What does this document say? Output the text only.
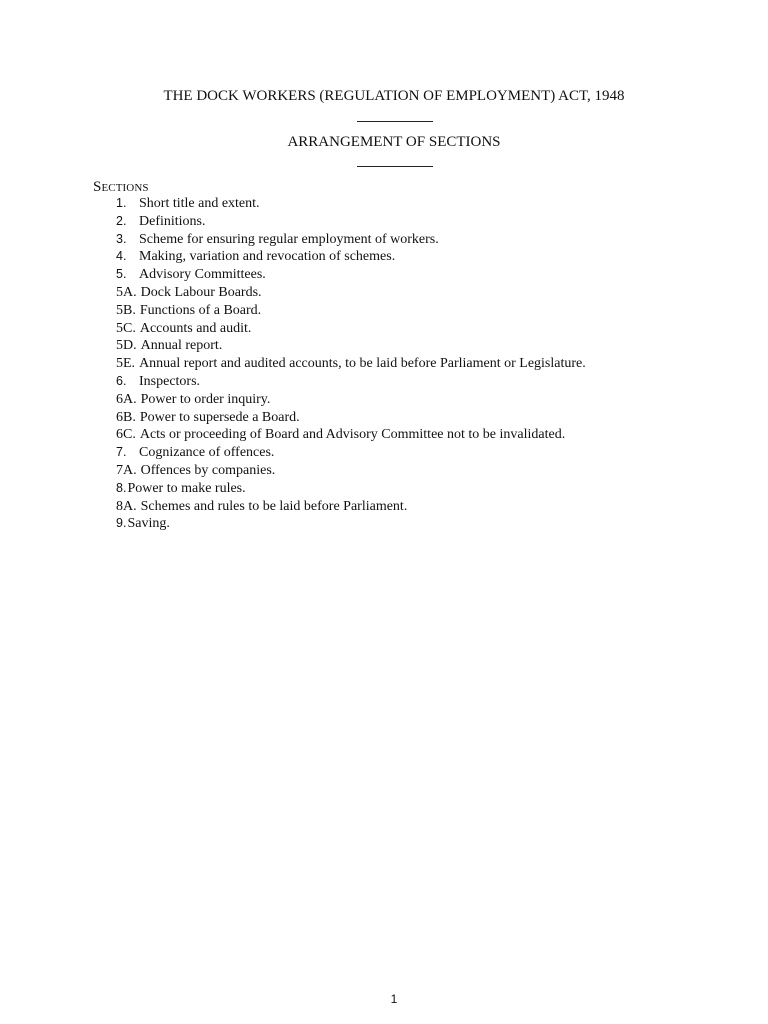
THE DOCK WORKERS (REGULATION OF EMPLOYMENT) ACT, 1948
ARRANGEMENT OF SECTIONS
Sections
1. Short title and extent.
2. Definitions.
3. Scheme for ensuring regular employment of workers.
4. Making, variation and revocation of schemes.
5. Advisory Committees.
5A. Dock Labour Boards.
5B. Functions of a Board.
5C. Accounts and audit.
5D. Annual report.
5E. Annual report and audited accounts, to be laid before Parliament or Legislature.
6. Inspectors.
6A. Power to order inquiry.
6B. Power to supersede a Board.
6C. Acts or proceeding of Board and Advisory Committee not to be invalidated.
7. Cognizance of offences.
7A. Offences by companies.
8. Power to make rules.
8A. Schemes and rules to be laid before Parliament.
9. Saving.
1
